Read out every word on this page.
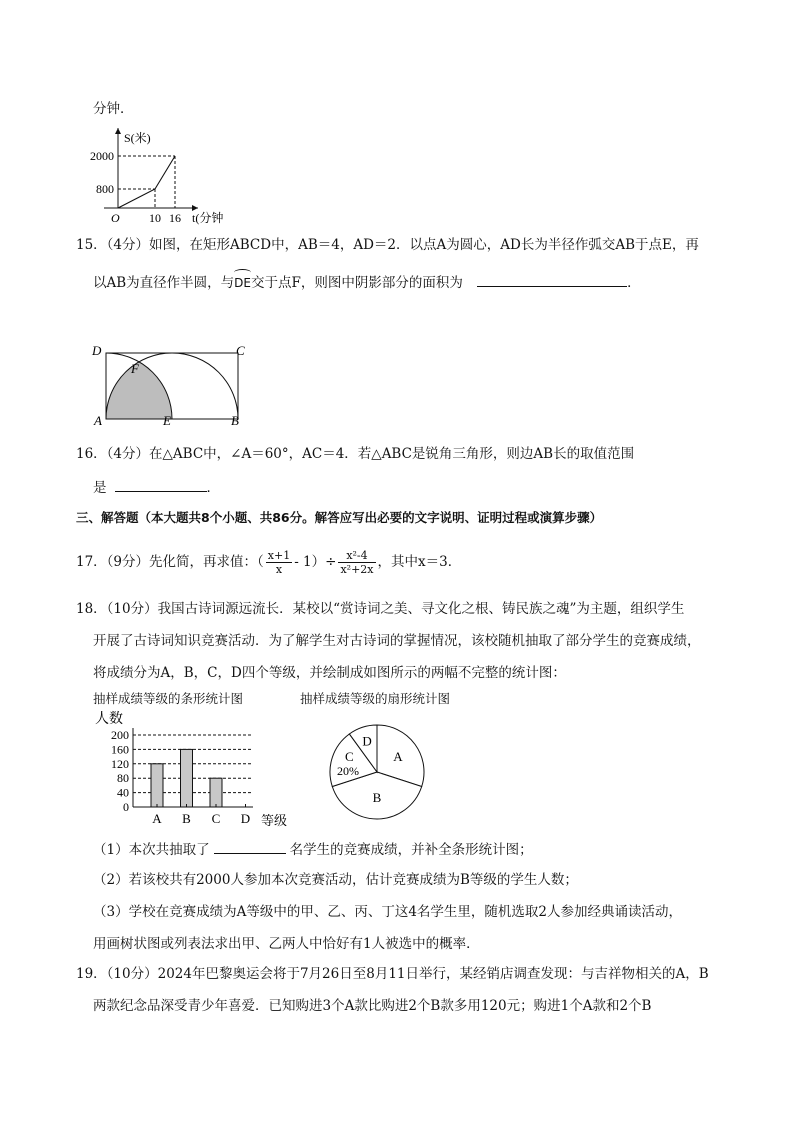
分钟．
S(米)
2000
800
O 10 16 t(分钟
15．（4分）如图，在矩形ABCD中，AB＝4，AD＝2．以点A为圆心，AD长为半径作弧交AB于点E，再
以AB为直径作半圆，与
DE交于点F，则图中阴影部分的面积为	．
D	C
F
A	E	B
16．（4分）在△ABC中，∠A＝60°，AC＝4．若△ABC是锐角三角形，则边AB长的取值范围
是	．
三、解答题（本大题共8个小题、共86分。解答应写出必要的文字说明、证明过程或演算步骤）
17．（9分）先化简，再求值：（ $\frac{x+1}{x} - 1)\div \frac{\text{x²-4}}{\text{x²+2x}}$ ，其中x＝3．
18．（10分）我国古诗词源远流长．某校以“赏诗词之美、寻文化之根、铸民族之魂”为主题，组织学生
开展了古诗词知识竞赛活动．为了解学生对古诗词的掌握情况，该校随机抽取了部分学生的竞赛成绩，
将成绩分为A，B，C，D四个等级，并绘制成如图所示的两幅不完整的统计图：
抽样成绩等级的条形统计图	抽样成绩等级的扇形统计图
人数
200
160
120
80
40
0
A B C D 等级
A
B
C
D
20%
（1）本次共抽取了	名学生的竞赛成绩，并补全条形统计图；
（2）若该校共有2000人参加本次竞赛活动，估计竞赛成绩为B等级的学生人数；
（3）学校在竞赛成绩为A等级中的甲、乙、丙、丁这4名学生里，随机选取2人参加经典诵读活动，
用画树状图或列表法求出甲、乙两人中恰好有1人被选中的概率．
19．（10分）2024年巴黎奥运会将于7月26日至8月11日举行，某经销店调查发现：与吉祥物相关的A，B
两款纪念品深受青少年喜爱．已知购进3个A款比购进2个B款多用120元；购进1个A款和2个B
